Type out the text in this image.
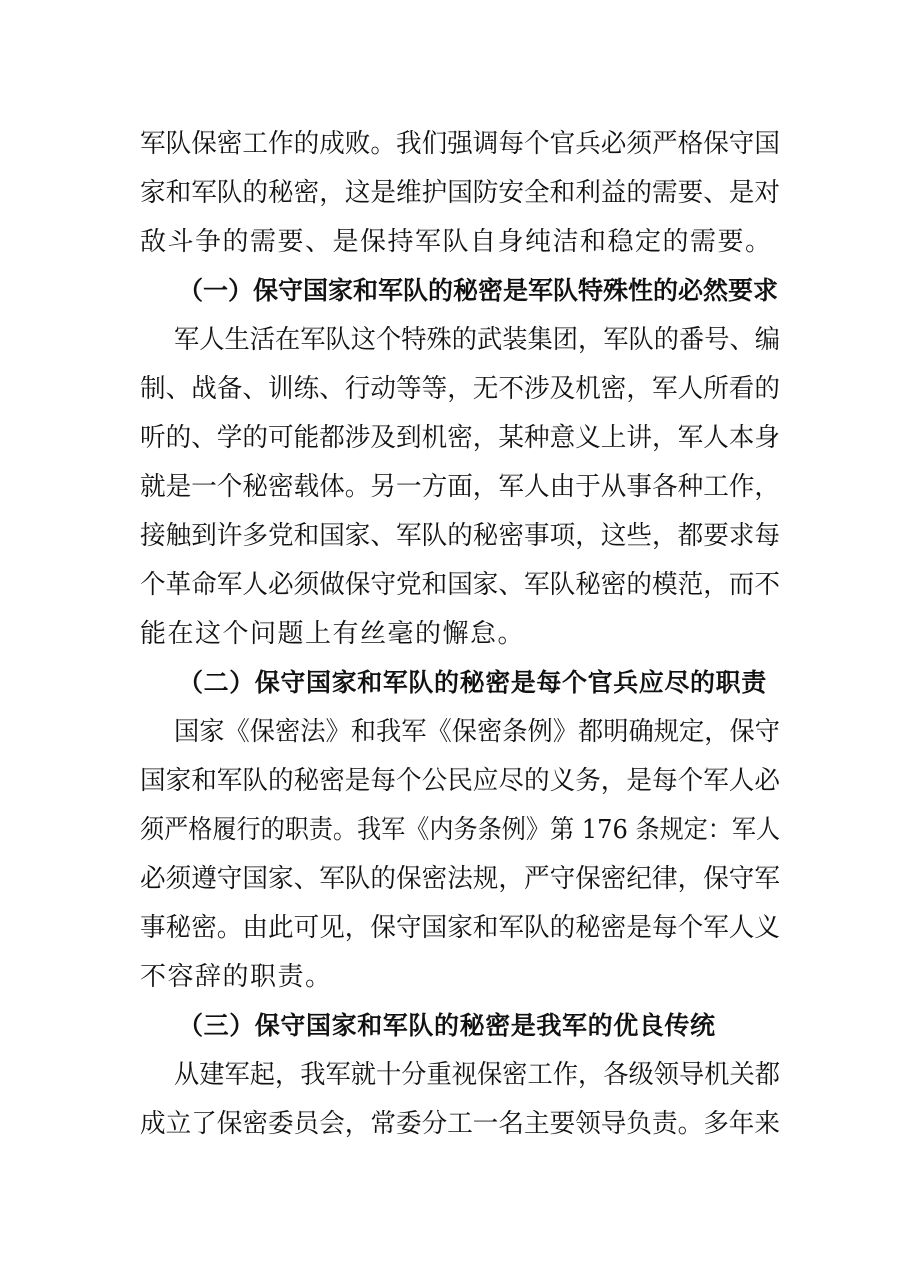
军队保密工作的成败。我们强调每个官兵必须严格保守国
家和军队的秘密，这是维护国防安全和利益的需要、是对
敌斗争的需要、是保持军队自身纯洁和稳定的需要。
（一）保守国家和军队的秘密是军队特殊性的必然要求
军人生活在军队这个特殊的武装集团，军队的番号、编
制、战备、训练、行动等等，无不涉及机密，军人所看的
听的、学的可能都涉及到机密，某种意义上讲，军人本身
就是一个秘密载体。另一方面，军人由于从事各种工作，
接触到许多党和国家、军队的秘密事项，这些，都要求每
个革命军人必须做保守党和国家、军队秘密的模范，而不
能在这个问题上有丝毫的懈怠。
（二）保守国家和军队的秘密是每个官兵应尽的职责
国家《保密法》和我军《保密条例》都明确规定，保守
国家和军队的秘密是每个公民应尽的义务，是每个军人必
须严格履行的职责。我军《内务条例》第 176 条规定：军人
必须遵守国家、军队的保密法规，严守保密纪律，保守军
事秘密。由此可见，保守国家和军队的秘密是每个军人义
不容辞的职责。
（三）保守国家和军队的秘密是我军的优良传统
从建军起，我军就十分重视保密工作，各级领导机关都
成立了保密委员会，常委分工一名主要领导负责。多年来
